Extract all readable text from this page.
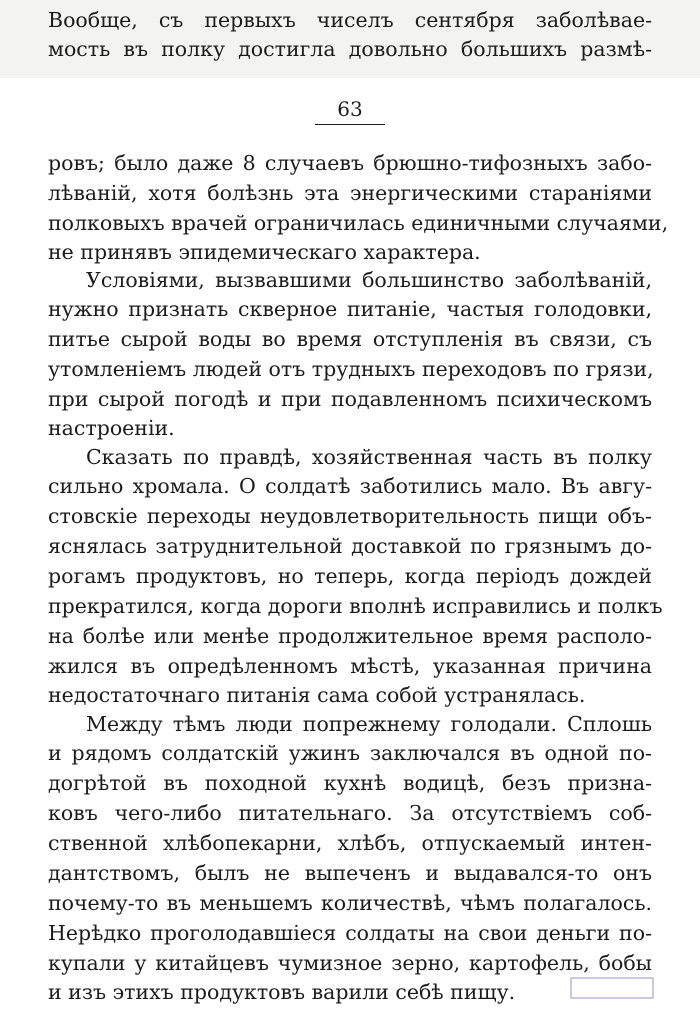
Вообще, съ первыхъ чиселъ сентября заболѣвае-
мость въ полку достигла довольно большихъ размѣ-
63
ровъ; было даже 8 случаевъ брюшно-тифозныхъ забо-
лѣваній, хотя болѣзнь эта энергическими стараніями
полковыхъ врачей ограничилась единичными случаями,
не принявъ эпидемическаго характера.
Условіями, вызвавшими большинство заболѣваній,
нужно признать скверное питаніе, частыя голодовки,
питье сырой воды во время отступленія въ связи, съ
утомленіемъ людей отъ трудныхъ переходовъ по грязи,
при сырой погодѣ и при подавленномъ психическомъ
настроеніи.
Сказать по правдѣ, хозяйственная часть въ полку
сильно хромала. О солдатѣ заботились мало. Въ авгу-
стовскіе переходы неудовлетворительность пищи объ-
яснялась затруднительной доставкой по грязнымъ до-
рогамъ продуктовъ, но теперь, когда періодъ дождей
прекратился, когда дороги вполнѣ исправились и полкъ
на болѣе или менѣе продолжительное время располо-
жился въ опредѣленномъ мѣстѣ, указанная причина
недостаточнаго питанія сама собой устранялась.
Между тѣмъ люди попрежнему голодали. Сплошь
и рядомъ солдатскій ужинъ заключался въ одной по-
догрѣтой въ походной кухнѣ водицѣ, безъ призна-
ковъ чего-либо питательнаго. За отсутствіемъ соб-
ственной хлѣбопекарни, хлѣбъ, отпускаемый интен-
дантствомъ, былъ не выпеченъ и выдавался-то онъ
почему-то въ меньшемъ количествѣ, чѣмъ полагалось.
Нерѣдко проголодавшіеся солдаты на свои деньги по-
купали у китайцевъ чумизное зерно, картофель, бобы
и изъ этихъ продуктовъ варили себѣ пищу.
